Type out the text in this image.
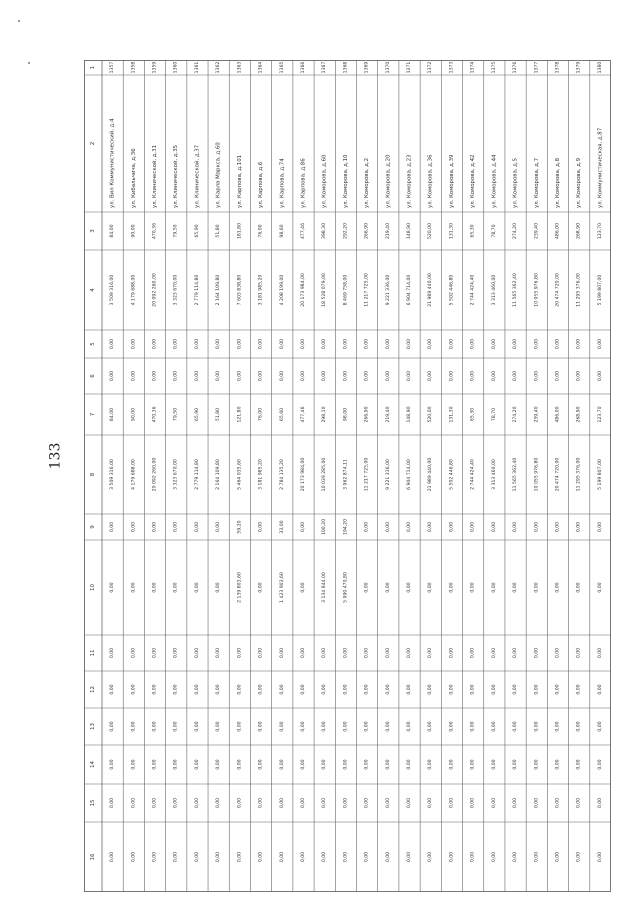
133
1
2
3
4
5
6
7
8
9
10
11
12
13
14
15
16
1357
ул. Вил Коммунистический, д.4
84,00
3 509 316,00
0,00
0,00
84,00
3 509 316,00
0,00
0,00
0,00
0,00
0,00
0,00
0,00
0,00
1358
ул. Кибальчича, д.36
90,00
4 179 688,00
0,00
0,00
90,00
4 179 688,00
0,00
0,00
0,00
0,00
0,00
0,00
0,00
0,00
1359
ул. Клинической, д.31
470,36
20 092 260,00
0,00
0,00
470,36
20 092 260,00
0,00
0,00
0,00
0,00
0,00
0,00
0,00
0,00
1360
ул. Клинической, д.35
79,50
3 323 670,00
0,00
0,00
79,50
3 323 670,00
0,00
0,00
0,00
0,00
0,00
0,00
0,00
0,00
1361
ул. Клинической, д.37
65,90
2 779 114,80
0,00
0,00
65,90
2 779 114,80
0,00
0,00
0,00
0,00
0,00
0,00
0,00
0,00
1362
ул. Карла Маркса, д.60
51,80
2 164 109,80
0,00
0,00
51,80
2 164 109,80
0,00
0,00
0,00
0,00
0,00
0,00
0,00
0,00
1363
ул. Карпова, д.101
181,80
7 603 838,80
0,00
0,00
121,80
5 464 035,60
59,20
2 139 803,60
0,00
0,00
0,00
0,00
0,00
0,00
1364
ул. Карпова, д.6
76,00
3 181 985,20
0,00
0,00
76,00
3 181 985,20
0,00
0,00
0,00
0,00
0,00
0,00
0,00
0,00
1365
ул. Карпова, д.74
98,60
4 208 199,00
0,00
0,00
65,60
2 784 135,20
33,00
1 423 903,60
0,00
0,00
0,00
0,00
0,00
0,00
1366
ул. Карпова, д.86
477,46
20 173 984,00
0,00
0,00
477,46
20 173 984,00
0,00
0,00
0,00
0,00
0,00
0,00
0,00
0,00
1367
ул. Коморова, д.60
398,30
18 528 079,00
0,00
0,00
298,10
10 039 285,00
100,20
3 134 844,00
0,00
0,00
0,00
0,00
0,00
0,00
1368
ул. Коморова, д.10
292,20
8 469 758,00
0,00
0,00
98,00
3 962 874,11
194,20
5 990 470,80
0,00
0,00
0,00
0,00
0,00
0,00
1369
ул. Коморова, д.2
266,90
11 217 725,00
0,00
0,00
266,90
11 217 725,00
0,00
0,00
0,00
0,00
0,00
0,00
0,00
0,00
1370
ул. Коморова, д.20
219,40
9 221 336,00
0,00
0,00
219,40
9 221 336,00
0,00
0,00
0,00
0,00
0,00
0,00
0,00
0,00
1371
ул. Коморова, д.23
148,90
6 904 714,00
0,00
0,00
148,90
6 904 714,00
0,00
0,00
0,00
0,00
0,00
0,00
0,00
0,00
1372
ул. Коморова, д.36
520,00
21 989 440,00
0,00
0,00
520,00
21 989 440,00
0,00
0,00
0,00
0,00
0,00
0,00
0,00
0,00
1373
ул. Коморова, д.39
131,30
5 502 446,80
0,00
0,00
131,30
5 502 446,80
0,00
0,00
0,00
0,00
0,00
0,00
0,00
0,00
1374
ул. Коморова, д.42
65,30
2 744 424,40
0,00
0,00
65,30
2 744 424,40
0,00
0,00
0,00
0,00
0,00
0,00
0,00
0,00
1375
ул. Коморова, д.44
78,70
3 313 460,00
0,00
0,00
78,70
3 313 460,00
0,00
0,00
0,00
0,00
0,00
0,00
0,00
0,00
1376
ул. Коморова, д.5
274,20
11 565 362,40
0,00
0,00
274,20
11 565 362,40
0,00
0,00
0,00
0,00
0,00
0,00
0,00
0,00
1377
ул. Коморова, д.7
239,40
10 055 976,80
0,00
0,00
239,40
10 055 976,80
0,00
0,00
0,00
0,00
0,00
0,00
0,00
0,00
1378
ул. Коморова, д.8
486,00
20 474 720,00
0,00
0,00
486,00
20 474 720,00
0,00
0,00
0,00
0,00
0,00
0,00
0,00
0,00
1379
ул. Коморова, д.9
268,90
11 295 376,00
0,00
0,00
268,90
11 295 376,00
0,00
0,00
0,00
0,00
0,00
0,00
0,00
0,00
1380
ул. Коммунистическая, д.87
123,70
5 199 807,00
0,00
0,00
123,70
5 199 807,00
0,00
0,00
0,00
0,00
0,00
0,00
0,00
0,00
